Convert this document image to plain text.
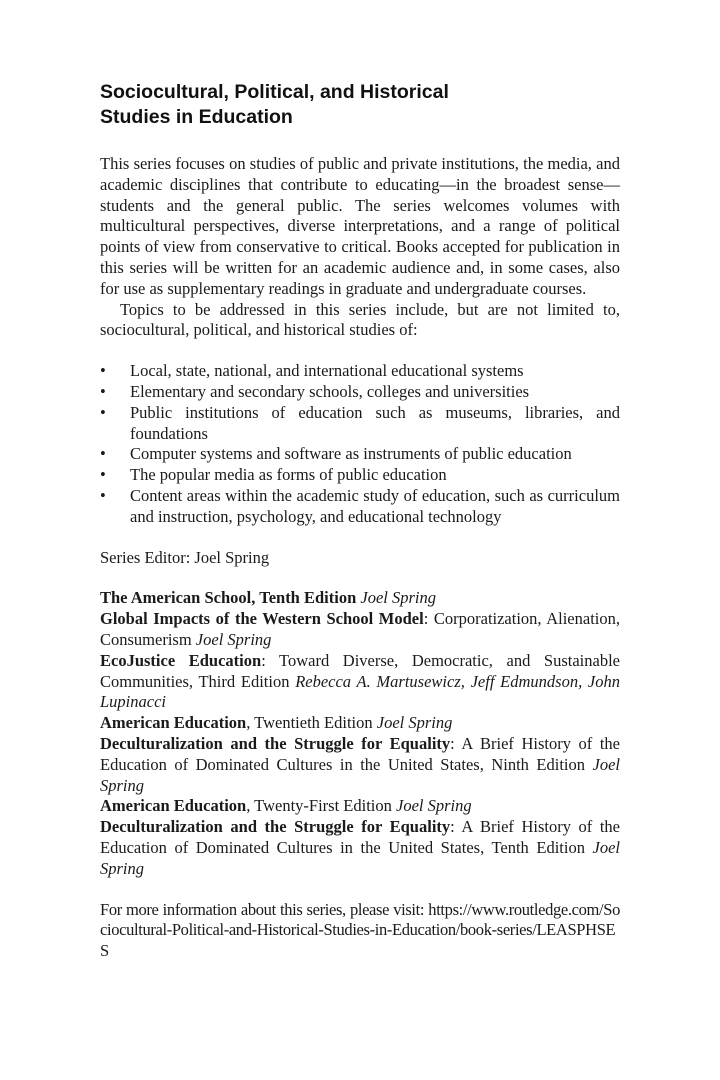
Sociocultural, Political, and Historical
Studies in Education

This series focuses on studies of public and private institutions, the media, and academic disciplines that contribute to educating—in the broadest sense—students and the general public. The series welcomes volumes with multicultural perspectives, diverse interpretations, and a range of political points of view from conservative to critical. Books accepted for publication in this series will be written for an academic audience and, in some cases, also for use as supplementary readings in graduate and undergraduate courses.

Topics to be addressed in this series include, but are not limited to, sociocultural, political, and historical studies of:

• Local, state, national, and international educational systems
• Elementary and secondary schools, colleges and universities
• Public institutions of education such as museums, libraries, and foundations
• Computer systems and software as instruments of public education
• The popular media as forms of public education
• Content areas within the academic study of education, such as curriculum and instruction, psychology, and educational technology

Series Editor: Joel Spring

The American School, Tenth Edition Joel Spring

Global Impacts of the Western School Model: Corporatization, Alienation, Consumerism Joel Spring

EcoJustice Education: Toward Diverse, Democratic, and Sustainable Communities, Third Edition Rebecca A. Martusewicz, Jeff Edmundson, John Lupinacci

American Education, Twentieth Edition Joel Spring

Deculturalization and the Struggle for Equality: A Brief History of the Education of Dominated Cultures in the United States, Ninth Edition Joel Spring

American Education, Twenty-First Edition Joel Spring

Deculturalization and the Struggle for Equality: A Brief History of the Education of Dominated Cultures in the United States, Tenth Edition Joel Spring

For more information about this series, please visit: https://www.routledge.com/Sociocultural-Political-and-Historical-Studies-in-Education/book-series/LEASPHSES
